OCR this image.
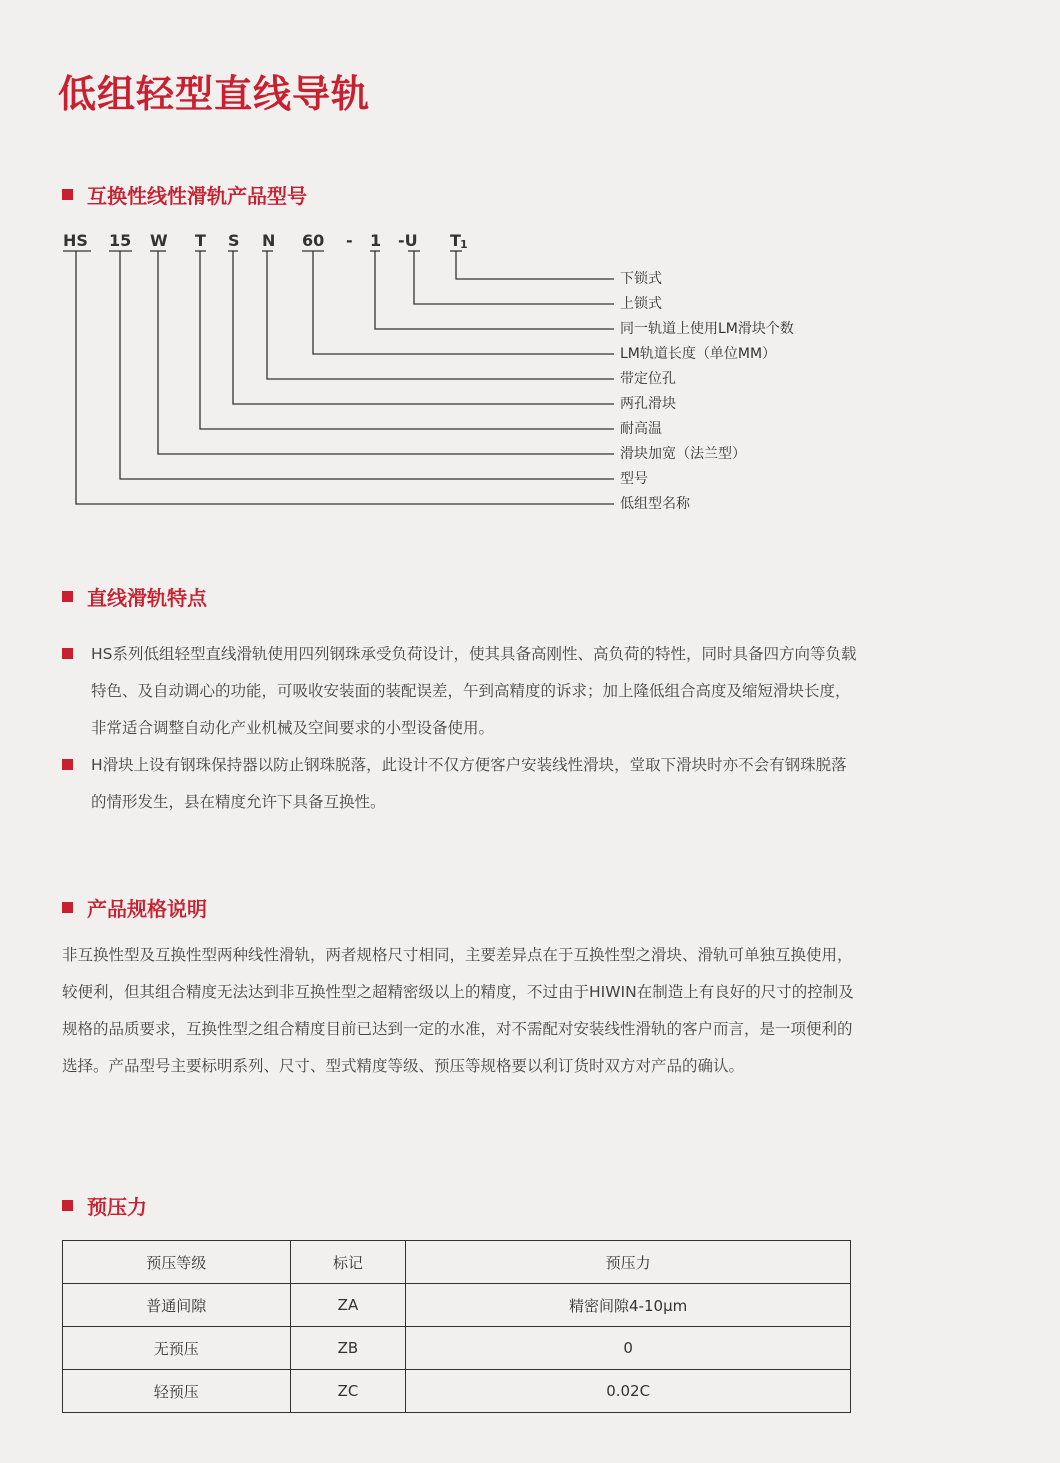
低组轻型直线导轨
互换性线性滑轨产品型号
HS 15 W T S N 60 - 1 -U T 1
下锁式
上锁式
同一轨道上使用LM滑块个数
LM轨道长度（单位MM）
带定位孔
两孔滑块
耐高温
滑块加宽（法兰型）
型号
低组型名称
直线滑轨特点
HS系列低组轻型直线滑轨使用四列钢珠承受负荷设计，使其具备高刚性、高负荷的特性，同时具备四方向等负载特色、及自动调心的功能，可吸收安装面的装配误差，午到高精度的诉求；加上隆低组合高度及缩短滑块长度，非常适合调整自动化产业机械及空间要求的小型设备使用。
H滑块上设有钢珠保持器以防止钢珠脱落，此设计不仅方便客户安装线性滑块，堂取下滑块时亦不会有钢珠脱落的情形发生，县在精度允许下具备互换性。
产品规格说明

非互换性型及互换性型两种线性滑轨，两者规格尺寸相同，主要差异点在于互换性型之滑块、滑轨可单独互换使用，较便利，但其组合精度无法达到非互换性型之超精密级以上的精度，不过由于HIWIN在制造上有良好的尺寸的控制及规格的品质要求，互换性型之组合精度目前已达到一定的水准，对不需配对安装线性滑轨的客户而言，是一项便利的选择。产品型号主要标明系列、尺寸、型式精度等级、预压等规格要以利订货时双方对产品的确认。

预压力
预压等级	标记	预压力
普通间隙	ZA	精密间隙4-10μm
无预压	ZB	0
轻预压	ZC	0.02C
